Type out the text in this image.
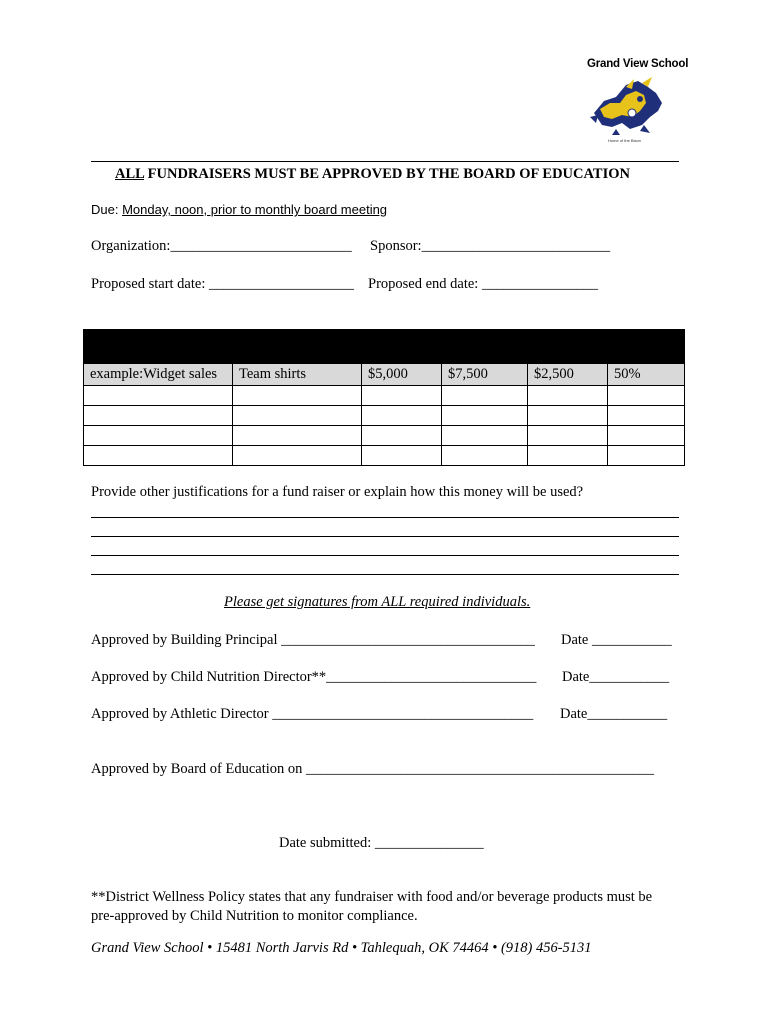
Grand View School
Home of the Bison
ALL FUNDRAISERS MUST BE APPROVED BY THE BOARD OF EDUCATION
Due: Monday, noon, prior to monthly board meeting
Organization:_________________________ Sponsor:__________________________
Proposed start date: ____________________ Proposed end date: ________________

example:Widget sales	Team shirts	$5,000	$7,500	$2,500	50%

Provide other justifications for a fund raiser or explain how this money will be used?
Please get signatures from ALL required individuals.
Approved by Building Principal ___________________________________ Date ___________
Approved by Child Nutrition Director**_____________________________ Date___________
Approved by Athletic Director ____________________________________ Date___________
Approved by Board of Education on ________________________________________________
Date submitted: _______________
**District Wellness Policy states that any fundraiser with food and/or beverage products must be
pre-approved by Child Nutrition to monitor compliance.
Grand View School • 15481 North Jarvis Rd • Tahlequah, OK 74464 • (918) 456-5131
